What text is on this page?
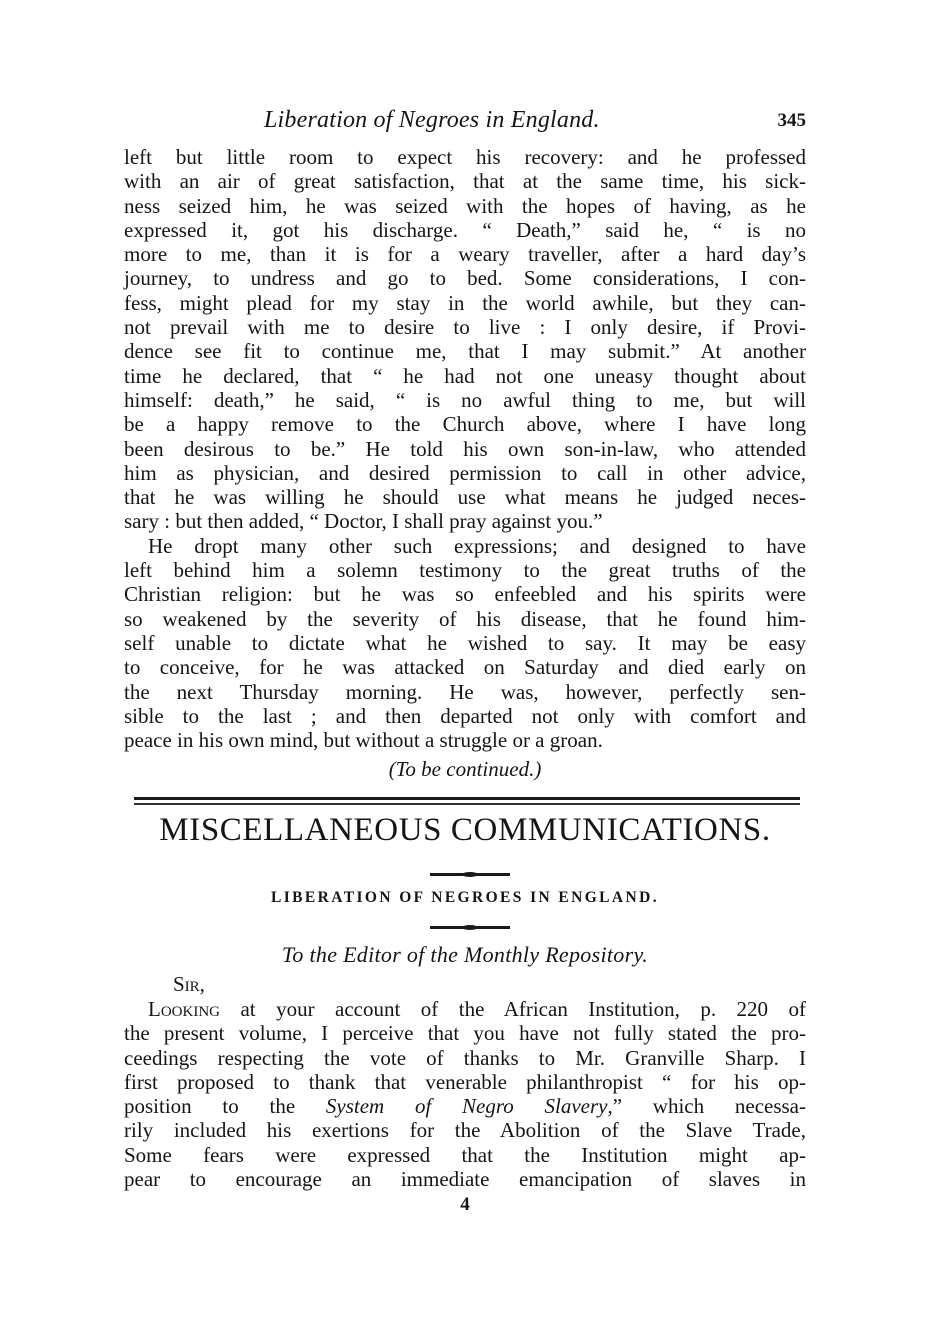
Liberation of Negroes in England.	345
left but little room to expect his recovery: and he professed
with an air of great satisfaction, that at the same time, his sick-
ness seized him, he was seized with the hopes of having, as he
expressed it, got his discharge. “ Death,” said he, “ is no
more to me, than it is for a weary traveller, after a hard day’s
journey, to undress and go to bed. Some considerations, I con-
fess, might plead for my stay in the world awhile, but they can-
not prevail with me to desire to live : I only desire, if Provi-
dence see fit to continue me, that I may submit.” At another
time he declared, that “ he had not one uneasy thought about
himself: death,” he said, “ is no awful thing to me, but will
be a happy remove to the Church above, where I have long
been desirous to be.” He told his own son-in-law, who attended
him as physician, and desired permission to call in other advice,
that he was willing he should use what means he judged neces-
sary : but then added, “ Doctor, I shall pray against you.”
He dropt many other such expressions; and designed to have
left behind him a solemn testimony to the great truths of the
Christian religion: but he was so enfeebled and his spirits were
so weakened by the severity of his disease, that he found him-
self unable to dictate what he wished to say. It may be easy
to conceive, for he was attacked on Saturday and died early on
the next Thursday morning. He was, however, perfectly sen-
sible to the last ; and then departed not only with comfort and
peace in his own mind, but without a struggle or a groan.
(To be continued.)
MISCELLANEOUS COMMUNICATIONS.
LIBERATION OF NEGROES IN ENGLAND.
To the Editor of the Monthly Repository.
Sir,
Looking at your account of the African Institution, p. 220 of
the present volume, I perceive that you have not fully stated the pro-
ceedings respecting the vote of thanks to Mr. Granville Sharp. I
first proposed to thank that venerable philanthropist “ for his op-
position to the System of Negro Slavery,” which necessa-
rily included his exertions for the Abolition of the Slave Trade,
Some fears were expressed that the Institution might ap-
pear to encourage an immediate emancipation of slaves in
4
